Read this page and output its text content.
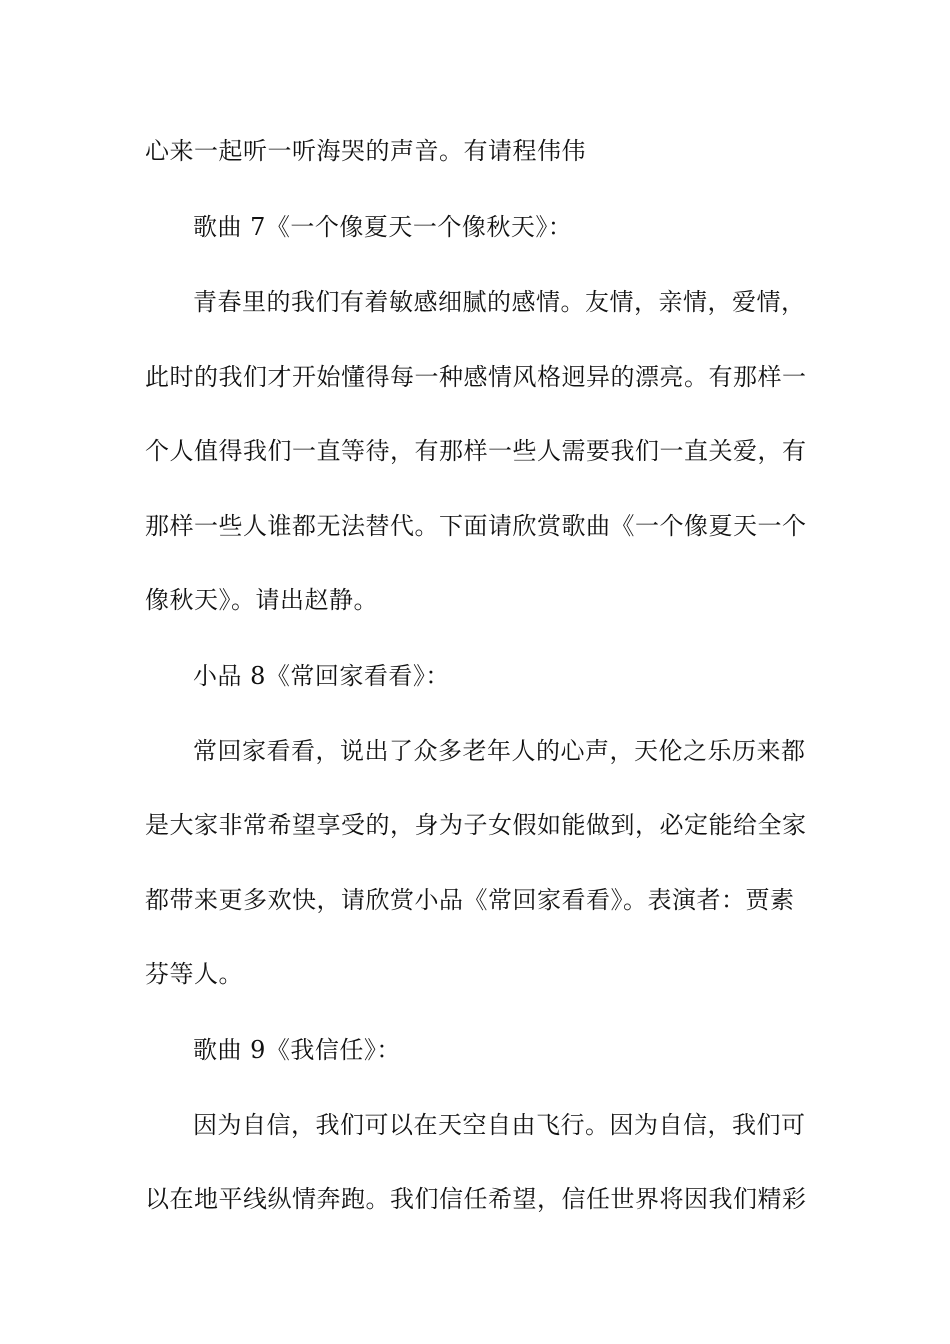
心来一起听一听海哭的声音。有请程伟伟
歌曲 7《一个像夏天一个像秋天》：
青春里的我们有着敏感细腻的感情。友情，亲情，爱情，
此时的我们才开始懂得每一种感情风格迥异的漂亮。有那样一
个人值得我们一直等待，有那样一些人需要我们一直关爱，有
那样一些人谁都无法替代。下面请欣赏歌曲《一个像夏天一个
像秋天》。请出赵静。
小品 8《常回家看看》：
常回家看看，说出了众多老年人的心声，天伦之乐历来都
是大家非常希望享受的，身为子女假如能做到，必定能给全家
都带来更多欢快，请欣赏小品《常回家看看》。表演者：贾素
芬等人。
歌曲 9《我信任》：
因为自信，我们可以在天空自由飞行。因为自信，我们可
以在地平线纵情奔跑。我们信任希望，信任世界将因我们精彩
